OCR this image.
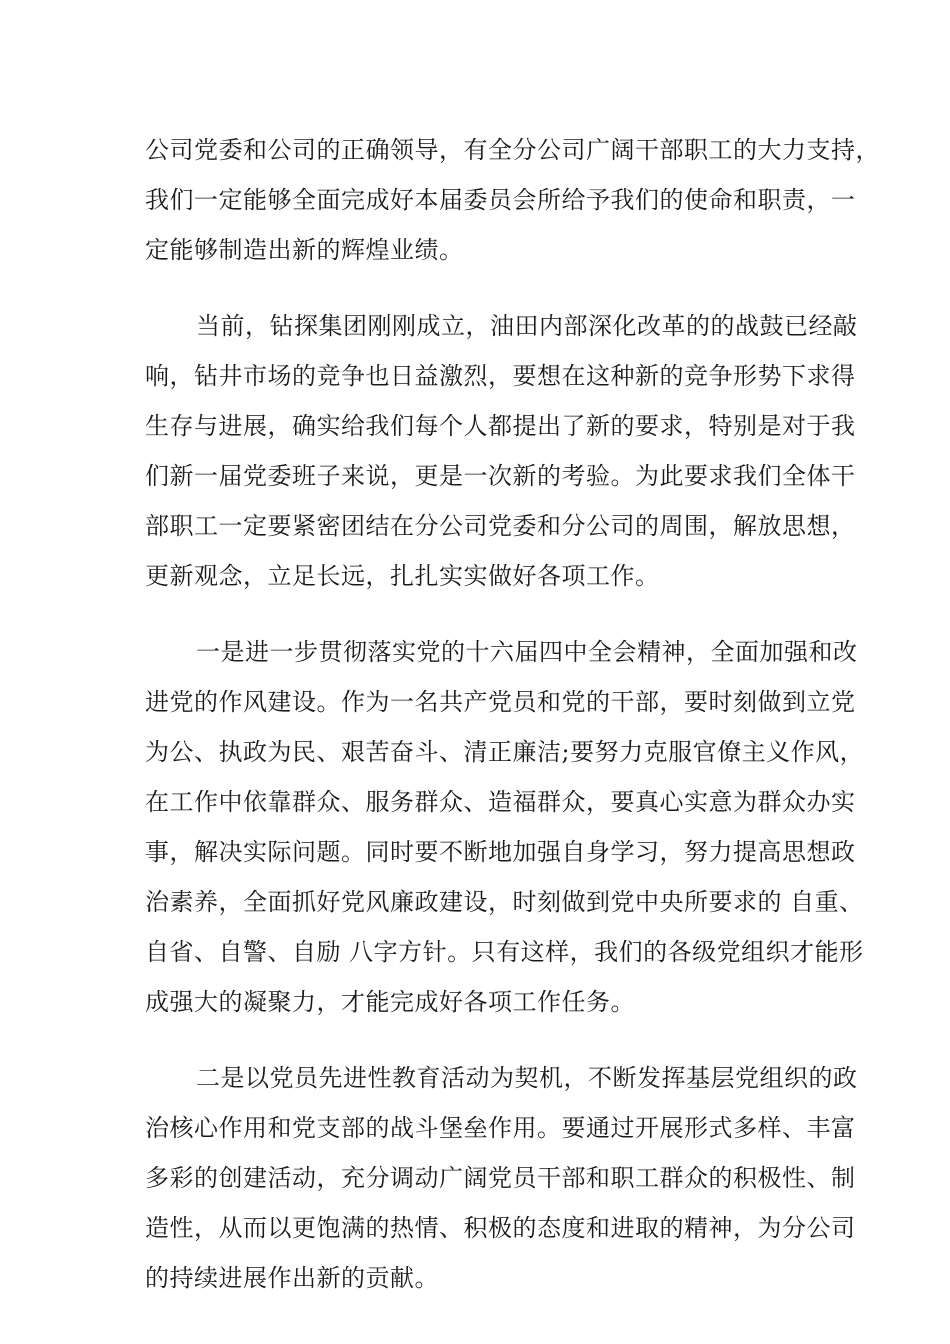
公司党委和公司的正确领导，有全分公司广阔干部职工的大力支持，
我们一定能够全面完成好本届委员会所给予我们的使命和职责，一
定能够制造出新的辉煌业绩。
当前，钻探集团刚刚成立，油田内部深化改革的的战鼓已经敲
响，钻井市场的竞争也日益激烈，要想在这种新的竞争形势下求得
生存与进展，确实给我们每个人都提出了新的要求，特别是对于我
们新一届党委班子来说，更是一次新的考验。为此要求我们全体干
部职工一定要紧密团结在分公司党委和分公司的周围，解放思想，
更新观念，立足长远，扎扎实实做好各项工作。
一是进一步贯彻落实党的十六届四中全会精神，全面加强和改
进党的作风建设。作为一名共产党员和党的干部，要时刻做到立党
为公、执政为民、艰苦奋斗、清正廉洁;要努力克服官僚主义作风，
在工作中依靠群众、服务群众、造福群众，要真心实意为群众办实
事，解决实际问题。同时要不断地加强自身学习，努力提高思想政
治素养，全面抓好党风廉政建设，时刻做到党中央所要求的 自重、
自省、自警、自励 八字方针。只有这样，我们的各级党组织才能形
成强大的凝聚力，才能完成好各项工作任务。
二是以党员先进性教育活动为契机，不断发挥基层党组织的政
治核心作用和党支部的战斗堡垒作用。要通过开展形式多样、丰富
多彩的创建活动，充分调动广阔党员干部和职工群众的积极性、制
造性，从而以更饱满的热情、积极的态度和进取的精神，为分公司
的持续进展作出新的贡献。
